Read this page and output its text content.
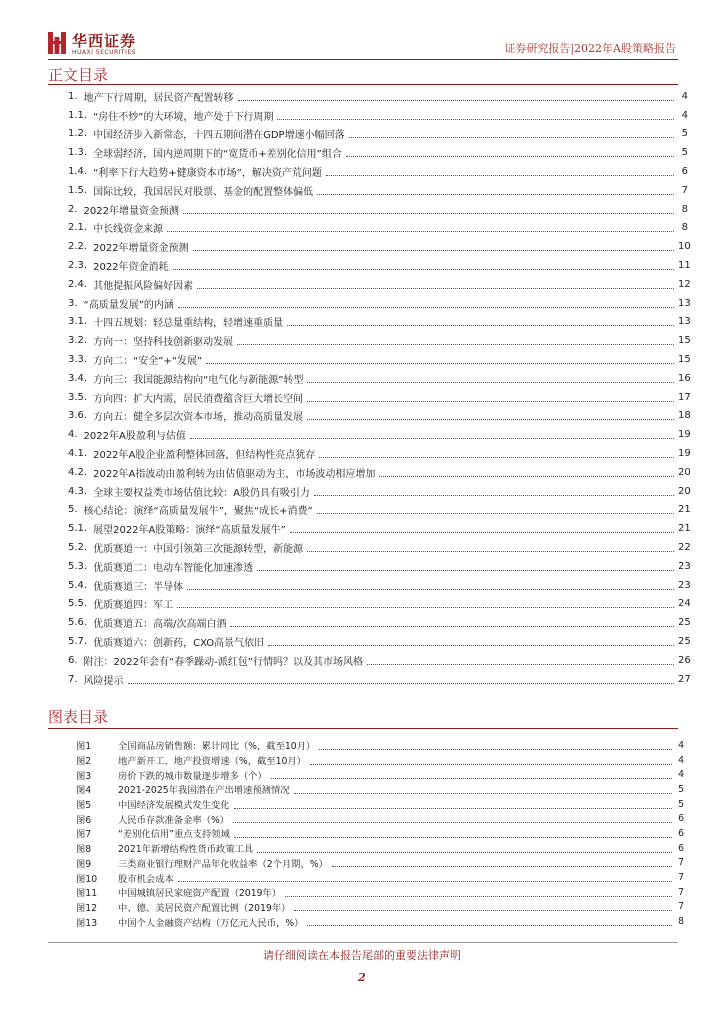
华西证券
HUAXI SECURITIES	证券研究报告|2022年A股策略报告
正文目录
1. 地产下行周期，居民资产配置转移	4
1.1. “房住不炒”的大环境，地产处于下行周期	4
1.2. 中国经济步入新常态，十四五期间潜在GDP增速小幅回落	5
1.3. 全球弱经济，国内逆周期下的“宽货币+差别化信用”组合	5
1.4. “利率下行大趋势+健康资本市场”，解决资产荒问题	6
1.5. 国际比较，我国居民对股票、基金的配置整体偏低	7
2. 2022年增量资金预测	8
2.1. 中长线资金来源	8
2.2. 2022年增量资金预测	10
2.3. 2022年资金消耗	11
2.4. 其他提振风险偏好因素	12
3. “高质量发展”的内涵	13
3.1. 十四五规划：轻总量重结构，轻增速重质量	13
3.2. 方向一：坚持科技创新驱动发展	15
3.3. 方向二：“安全”+“发展”	15
3.4. 方向三：我国能源结构向“电气化与新能源”转型	16
3.5. 方向四：扩大内需，居民消费蕴含巨大增长空间	17
3.6. 方向五：健全多层次资本市场，推动高质量发展	18
4. 2022年A股盈利与估值	19
4.1. 2022年A股企业盈利整体回落，但结构性亮点犹存	19
4.2. 2022年A指波动由盈利转为由估值驱动为主，市场波动相应增加	20
4.3. 全球主要权益类市场估值比较：A股仍具有吸引力	20
5. 核心结论：演绎“高质量发展牛”，聚焦“成长+消费”	21
5.1. 展望2022年A股策略：演绎“高质量发展牛”	21
5.2. 优质赛道一：中国引领第三次能源转型，新能源	22
5.3. 优质赛道二：电动车智能化加速渗透	23
5.4. 优质赛道三：半导体	23
5.5. 优质赛道四：军工	24
5.6. 优质赛道五：高端/次高端白酒	25
5.7. 优质赛道六：创新药，CXO高景气依旧	25
6. 附注：2022年会有“春季躁动-派红包”行情吗？以及其市场风格	26
7. 风险提示	27
图表目录
图1	全国商品房销售额：累计同比（%，截至10月）	4
图2	地产新开工、地产投资增速（%，截至10月）	4
图3	房价下跌的城市数量逐步增多（个）	4
图4	2021-2025年我国潜在产出增速预测情况	5
图5	中国经济发展模式发生变化	5
图6	人民币存款准备金率（%）	6
图7	“差别化信用”重点支持领域	6
图8	2021年新增结构性货币政策工具	6
图9	三类商业银行理财产品年化收益率（2个月期，%）	7
图10	股市机会成本	7
图11	中国城镇居民家庭资产配置（2019年）	7
图12	中、德、美居民资产配置比例（2019年）	7
图13	中国个人金融资产结构（万亿元人民币，%）	8
请仔细阅读在本报告尾部的重要法律声明
2
